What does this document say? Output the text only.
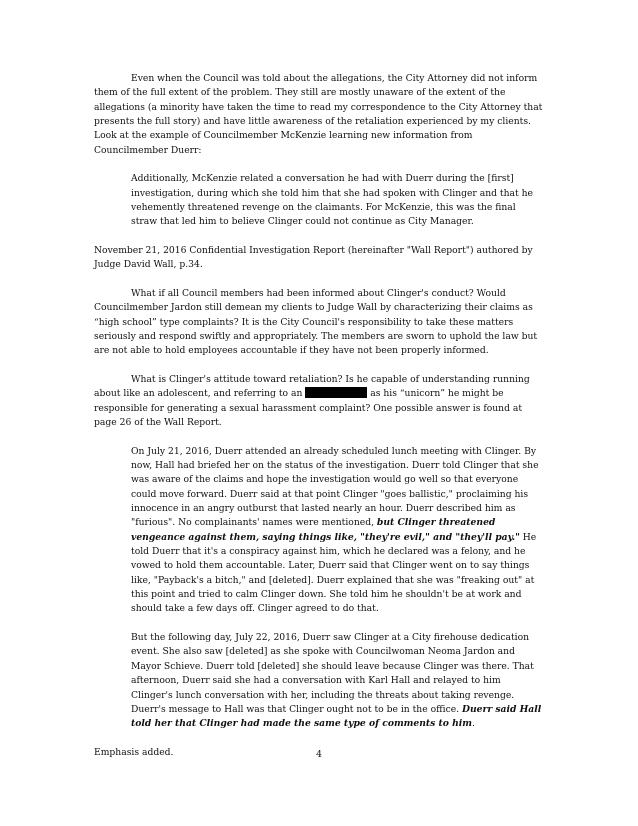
Even when the Council was told about the allegations, the City Attorney did not inform them of the full extent of the problem. They still are mostly unaware of the extent of the allegations (a minority have taken the time to read my correspondence to the City Attorney that presents the full story) and have little awareness of the retaliation experienced by my clients. Look at the example of Councilmember McKenzie learning new information from Councilmember Duerr:

Additionally, McKenzie related a conversation he had with Duerr during the [first] investigation, during which she told him that she had spoken with Clinger and that he vehemently threatened revenge on the claimants. For McKenzie, this was the final straw that led him to believe Clinger could not continue as City Manager.

November 21, 2016 Confidential Investigation Report (hereinafter "Wall Report") authored by Judge David Wall, p.34.

What if all Council members had been informed about Clinger's conduct? Would Councilmember Jardon still demean my clients to Judge Wall by characterizing their claims as “high school” type complaints? It is the City Council's responsibility to take these matters seriously and respond swiftly and appropriately. The members are sworn to uphold the law but are not able to hold employees accountable if they have not been properly informed.

What is Clinger's attitude toward retaliation? Is he capable of understanding running about like an adolescent, and referring to an	as his “unicorn” he might be responsible for generating a sexual harassment complaint? One possible answer is found at page 26 of the Wall Report.

On July 21, 2016, Duerr attended an already scheduled lunch meeting with Clinger. By now, Hall had briefed her on the status of the investigation. Duerr told Clinger that she was aware of the claims and hope the investigation would go well so that everyone could move forward. Duerr said at that point Clinger "goes ballistic," proclaiming his innocence in an angry outburst that lasted nearly an hour. Duerr described him as "furious". No complainants' names were mentioned, but Clinger threatened vengeance against them, saying things like, "they're evil," and "they'll pay." He told Duerr that it's a conspiracy against him, which he declared was a felony, and he vowed to hold them accountable. Later, Duerr said that Clinger went on to say things like, "Payback's a bitch," and [deleted]. Duerr explained that she was "freaking out" at this point and tried to calm Clinger down. She told him he shouldn't be at work and should take a few days off. Clinger agreed to do that.

But the following day, July 22, 2016, Duerr saw Clinger at a City firehouse dedication event. She also saw [deleted] as she spoke with Councilwoman Neoma Jardon and Mayor Schieve. Duerr told [deleted] she should leave because Clinger was there. That afternoon, Duerr said she had a conversation with Karl Hall and relayed to him Clinger's lunch conversation with her, including the threats about taking revenge. Duerr's message to Hall was that Clinger ought not to be in the office. Duerr said Hall told her that Clinger had made the same type of comments to him.

Emphasis added.	4
